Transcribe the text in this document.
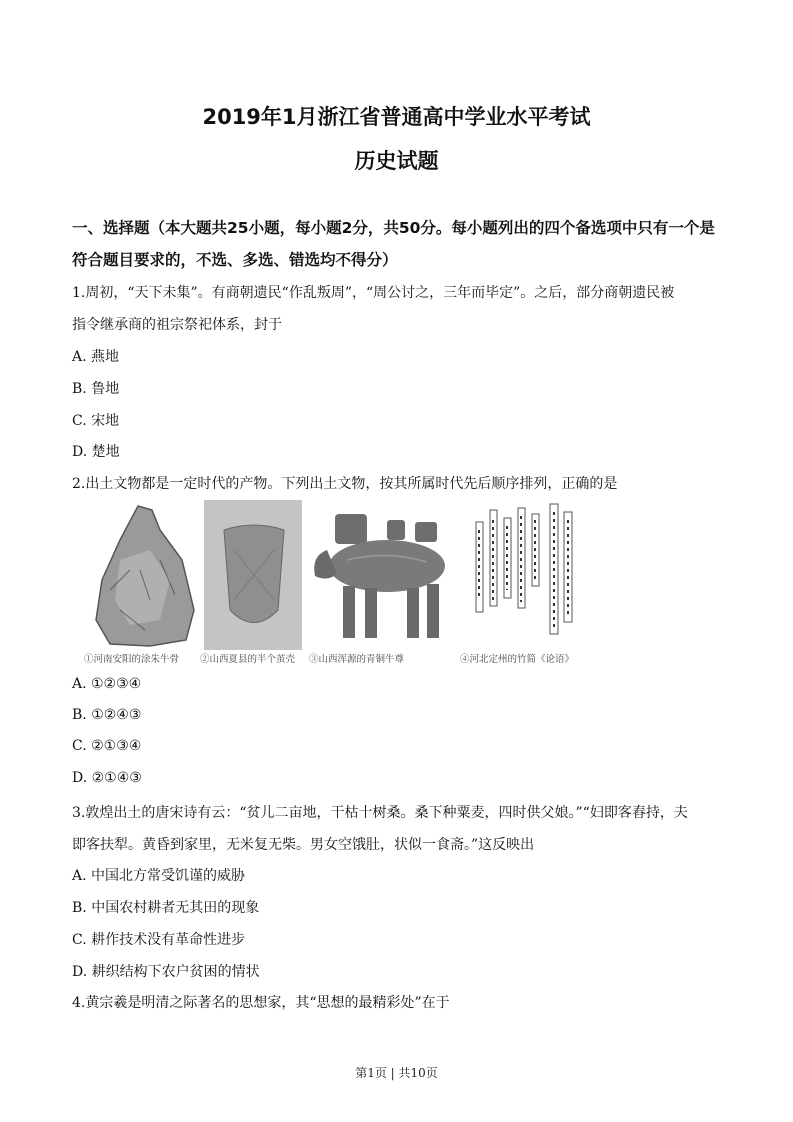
2019年1月浙江省普通高中学业水平考试
历史试题
一、选择题（本大题共25小题，每小题2分，共50分。每小题列出的四个备选项中只有一个是符合题目要求的，不选、多选、错选均不得分）
1.周初，“天下未集”。有商朝遗民“作乱叛周”，“周公讨之，三年而毕定”。之后，部分商朝遗民被
指令继承商的祖宗祭祀体系，封于
A. 燕地
B. 鲁地
C. 宋地
D. 楚地
2.出土文物都是一定时代的产物。下列出土文物，按其所属时代先后顺序排列，正确的是
①河南安阳的涂朱牛骨 ②山西夏县的半个茧壳 ③山西浑源的青铜牛尊	④河北定州的竹简《论语》
A. ①②③④
B. ①②④③
C. ②①③④
D. ②①④③
3.敦煌出土的唐宋诗有云：“贫儿二亩地，干枯十树桑。桑下种粟麦，四时供父娘。”“妇即客舂持，夫
即客扶犁。黄昏到家里，无米复无柴。男女空饿肚，状似一食斋。”这反映出
A. 中国北方常受饥谨的威胁
B. 中国农村耕者无其田的现象
C. 耕作技术没有革命性进步
D. 耕织结构下农户贫困的情状
4.黄宗羲是明清之际著名的思想家，其“思想的最精彩处”在于
第1页 | 共10页
